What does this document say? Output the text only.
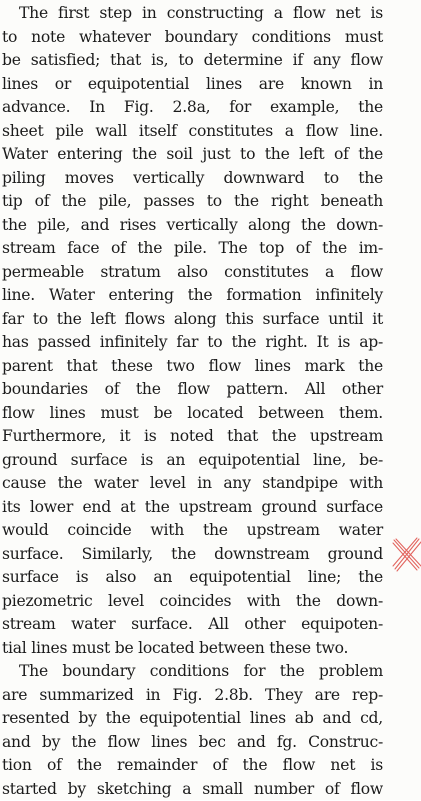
The first step in constructing a flow net is
to note whatever boundary conditions must
be satisfied; that is, to determine if any flow
lines or equipotential lines are known in
advance. In Fig. 2.8a, for example, the
sheet pile wall itself constitutes a flow line.
Water entering the soil just to the left of the
piling moves vertically downward to the
tip of the pile, passes to the right beneath
the pile, and rises vertically along the down-
stream face of the pile. The top of the im-
permeable stratum also constitutes a flow
line. Water entering the formation infinitely
far to the left flows along this surface until it
has passed infinitely far to the right. It is ap-
parent that these two flow lines mark the
boundaries of the flow pattern. All other
flow lines must be located between them.
Furthermore, it is noted that the upstream
ground surface is an equipotential line, be-
cause the water level in any standpipe with
its lower end at the upstream ground surface
would coincide with the upstream water
surface. Similarly, the downstream ground
surface is also an equipotential line; the
piezometric level coincides with the down-
stream water surface. All other equipoten-
tial lines must be located between these two.
The boundary conditions for the problem
are summarized in Fig. 2.8b. They are rep-
resented by the equipotential lines ab and cd,
and by the flow lines bec and fg. Construc-
tion of the remainder of the flow net is
started by sketching a small number of flow
